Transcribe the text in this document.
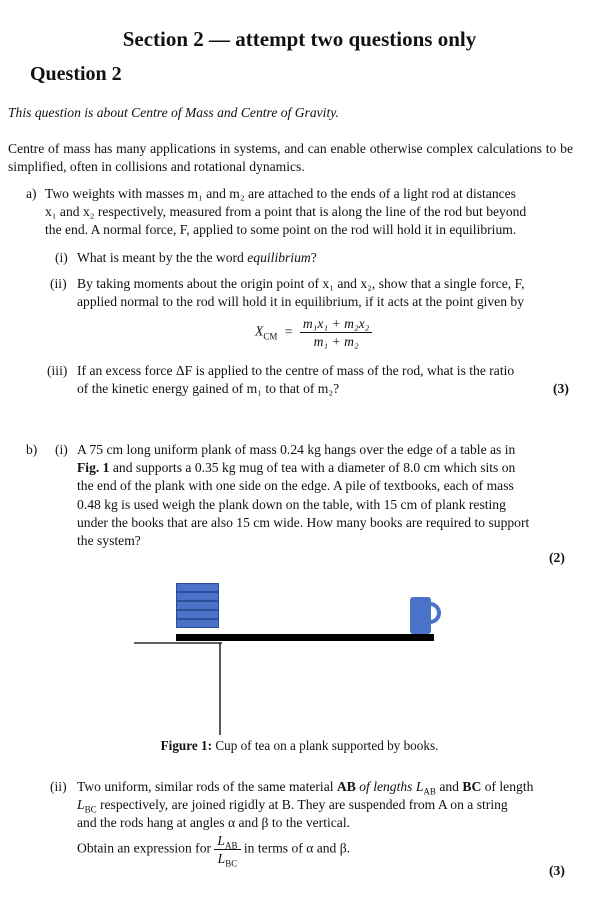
Section 2 — attempt two questions only
Question 2
This question is about Centre of Mass and Centre of Gravity.
Centre of mass has many applications in systems, and can enable otherwise complex calculations to be simplified, often in collisions and rotational dynamics.
a) Two weights with masses m₁ and m₂ are attached to the ends of a light rod at distances
x₁ and x₂ respectively, measured from a point that is along the line of the rod but beyond
the end. A normal force, F, applied to some point on the rod will hold it in equilibrium.
(i) What is meant by the the word equilibrium?
(ii) By taking moments about the origin point of x₁ and x₂, show that a single force, F,
applied normal to the rod will hold it in equilibrium, if it acts at the point given by
$X_{CM} = \frac{\text{m₁x₁ + m₂x₂}}{\text{m₁ + m₂}}$
(iii) If an excess force ΔF is applied to the centre of mass of the rod, what is the ratio
of the kinetic energy gained of m₁ to that of m₂?	(3)
b) (i) A 75 cm long uniform plank of mass 0.24 kg hangs over the edge of a table as in
Fig. 1 and supports a 0.35 kg mug of tea with a diameter of 8.0 cm which sits on
the end of the plank with one side on the edge. A pile of textbooks, each of mass
0.48 kg is used weigh the plank down on the table, with 15 cm of plank resting
under the books that are also 15 cm wide. How many books are required to support
the system?
(2)
Figure 1: Cup of tea on a plank supported by books.
(ii) Two uniform, similar rods of the same material AB of lengths $L_{AB}$ and BC of length
$L_{BC}$ respectively, are joined rigidly at B. They are suspended from A on a string
and the rods hang at angles α and β to the vertical.
Obtain an expression for $\frac{L_{AB}}{L_{BC}}$ in terms of α and β.
(3)
